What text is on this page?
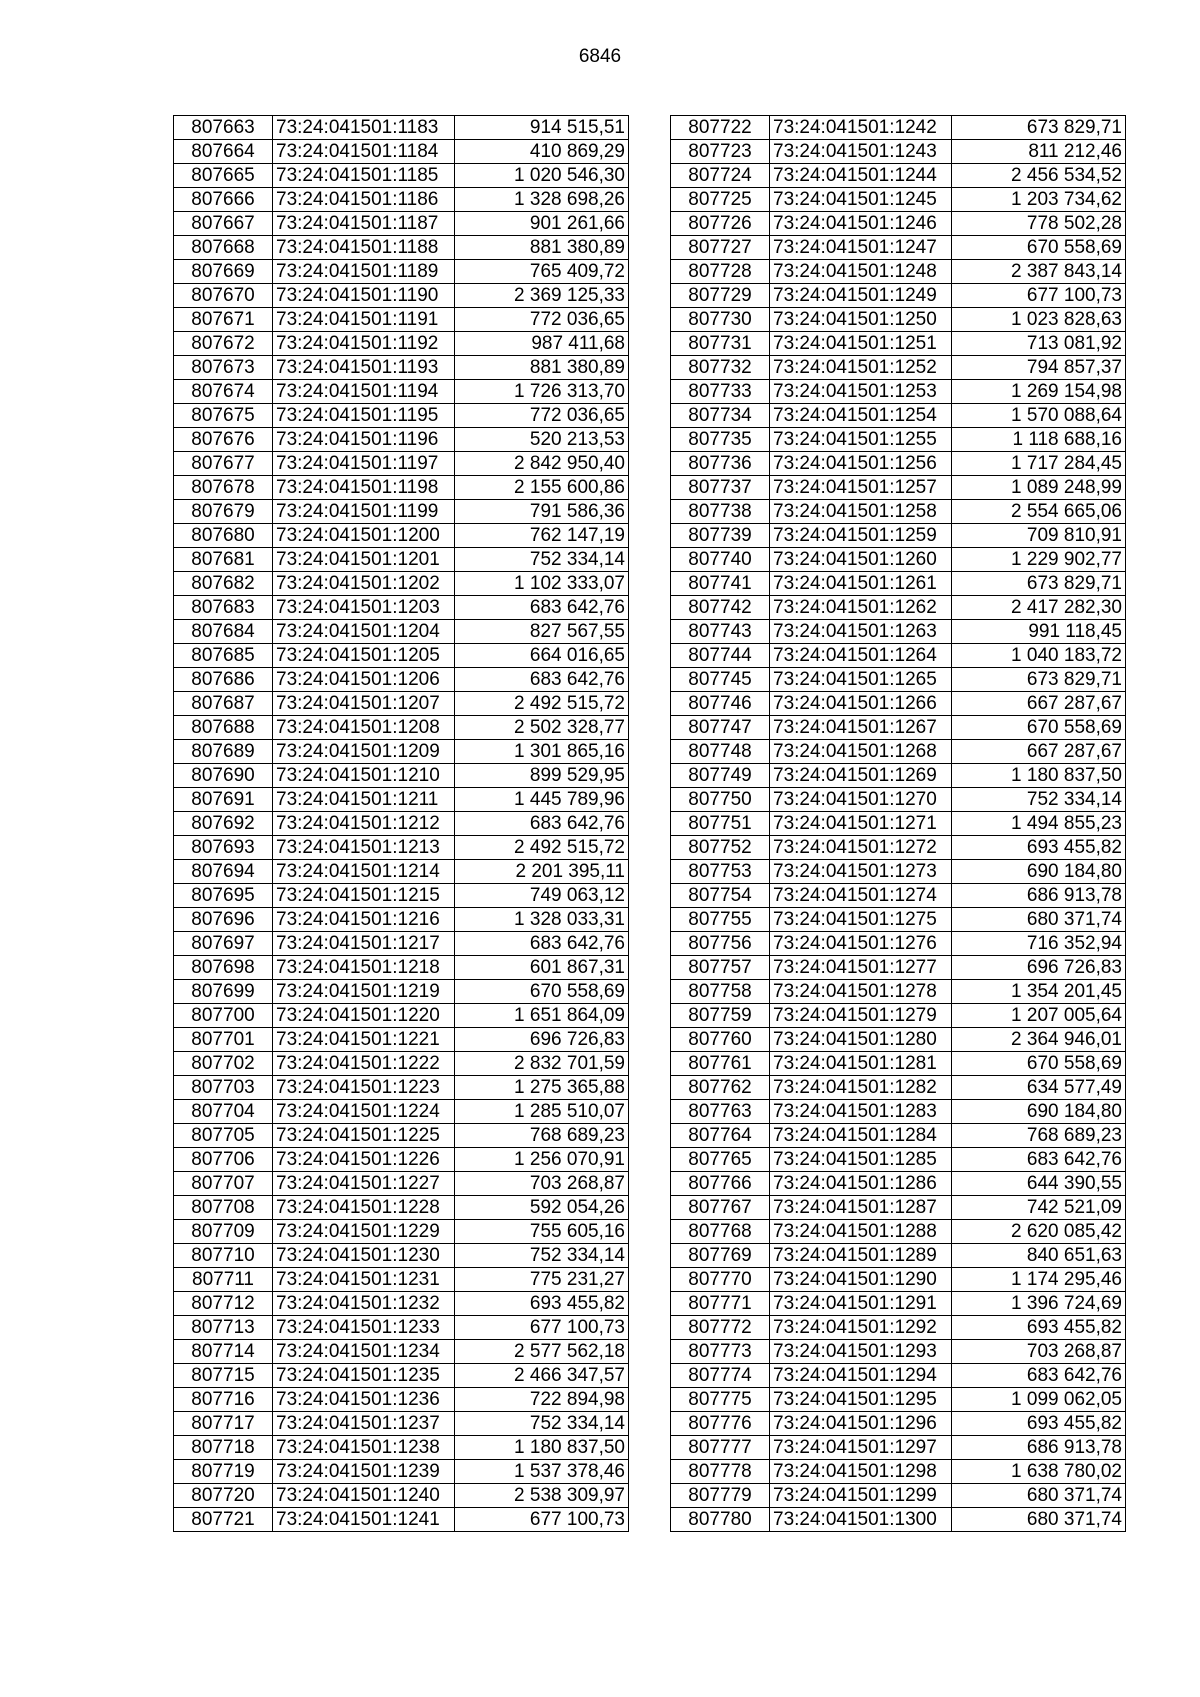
6846
807663	73:24:041501:1183	914 515,51
807664	73:24:041501:1184	410 869,29
807665	73:24:041501:1185	1 020 546,30
807666	73:24:041501:1186	1 328 698,26
807667	73:24:041501:1187	901 261,66
807668	73:24:041501:1188	881 380,89
807669	73:24:041501:1189	765 409,72
807670	73:24:041501:1190	2 369 125,33
807671	73:24:041501:1191	772 036,65
807672	73:24:041501:1192	987 411,68
807673	73:24:041501:1193	881 380,89
807674	73:24:041501:1194	1 726 313,70
807675	73:24:041501:1195	772 036,65
807676	73:24:041501:1196	520 213,53
807677	73:24:041501:1197	2 842 950,40
807678	73:24:041501:1198	2 155 600,86
807679	73:24:041501:1199	791 586,36
807680	73:24:041501:1200	762 147,19
807681	73:24:041501:1201	752 334,14
807682	73:24:041501:1202	1 102 333,07
807683	73:24:041501:1203	683 642,76
807684	73:24:041501:1204	827 567,55
807685	73:24:041501:1205	664 016,65
807686	73:24:041501:1206	683 642,76
807687	73:24:041501:1207	2 492 515,72
807688	73:24:041501:1208	2 502 328,77
807689	73:24:041501:1209	1 301 865,16
807690	73:24:041501:1210	899 529,95
807691	73:24:041501:1211	1 445 789,96
807692	73:24:041501:1212	683 642,76
807693	73:24:041501:1213	2 492 515,72
807694	73:24:041501:1214	2 201 395,11
807695	73:24:041501:1215	749 063,12
807696	73:24:041501:1216	1 328 033,31
807697	73:24:041501:1217	683 642,76
807698	73:24:041501:1218	601 867,31
807699	73:24:041501:1219	670 558,69
807700	73:24:041501:1220	1 651 864,09
807701	73:24:041501:1221	696 726,83
807702	73:24:041501:1222	2 832 701,59
807703	73:24:041501:1223	1 275 365,88
807704	73:24:041501:1224	1 285 510,07
807705	73:24:041501:1225	768 689,23
807706	73:24:041501:1226	1 256 070,91
807707	73:24:041501:1227	703 268,87
807708	73:24:041501:1228	592 054,26
807709	73:24:041501:1229	755 605,16
807710	73:24:041501:1230	752 334,14
807711	73:24:041501:1231	775 231,27
807712	73:24:041501:1232	693 455,82
807713	73:24:041501:1233	677 100,73
807714	73:24:041501:1234	2 577 562,18
807715	73:24:041501:1235	2 466 347,57
807716	73:24:041501:1236	722 894,98
807717	73:24:041501:1237	752 334,14
807718	73:24:041501:1238	1 180 837,50
807719	73:24:041501:1239	1 537 378,46
807720	73:24:041501:1240	2 538 309,97
807721	73:24:041501:1241	677 100,73
807722	73:24:041501:1242	673 829,71
807723	73:24:041501:1243	811 212,46
807724	73:24:041501:1244	2 456 534,52
807725	73:24:041501:1245	1 203 734,62
807726	73:24:041501:1246	778 502,28
807727	73:24:041501:1247	670 558,69
807728	73:24:041501:1248	2 387 843,14
807729	73:24:041501:1249	677 100,73
807730	73:24:041501:1250	1 023 828,63
807731	73:24:041501:1251	713 081,92
807732	73:24:041501:1252	794 857,37
807733	73:24:041501:1253	1 269 154,98
807734	73:24:041501:1254	1 570 088,64
807735	73:24:041501:1255	1 118 688,16
807736	73:24:041501:1256	1 717 284,45
807737	73:24:041501:1257	1 089 248,99
807738	73:24:041501:1258	2 554 665,06
807739	73:24:041501:1259	709 810,91
807740	73:24:041501:1260	1 229 902,77
807741	73:24:041501:1261	673 829,71
807742	73:24:041501:1262	2 417 282,30
807743	73:24:041501:1263	991 118,45
807744	73:24:041501:1264	1 040 183,72
807745	73:24:041501:1265	673 829,71
807746	73:24:041501:1266	667 287,67
807747	73:24:041501:1267	670 558,69
807748	73:24:041501:1268	667 287,67
807749	73:24:041501:1269	1 180 837,50
807750	73:24:041501:1270	752 334,14
807751	73:24:041501:1271	1 494 855,23
807752	73:24:041501:1272	693 455,82
807753	73:24:041501:1273	690 184,80
807754	73:24:041501:1274	686 913,78
807755	73:24:041501:1275	680 371,74
807756	73:24:041501:1276	716 352,94
807757	73:24:041501:1277	696 726,83
807758	73:24:041501:1278	1 354 201,45
807759	73:24:041501:1279	1 207 005,64
807760	73:24:041501:1280	2 364 946,01
807761	73:24:041501:1281	670 558,69
807762	73:24:041501:1282	634 577,49
807763	73:24:041501:1283	690 184,80
807764	73:24:041501:1284	768 689,23
807765	73:24:041501:1285	683 642,76
807766	73:24:041501:1286	644 390,55
807767	73:24:041501:1287	742 521,09
807768	73:24:041501:1288	2 620 085,42
807769	73:24:041501:1289	840 651,63
807770	73:24:041501:1290	1 174 295,46
807771	73:24:041501:1291	1 396 724,69
807772	73:24:041501:1292	693 455,82
807773	73:24:041501:1293	703 268,87
807774	73:24:041501:1294	683 642,76
807775	73:24:041501:1295	1 099 062,05
807776	73:24:041501:1296	693 455,82
807777	73:24:041501:1297	686 913,78
807778	73:24:041501:1298	1 638 780,02
807779	73:24:041501:1299	680 371,74
807780	73:24:041501:1300	680 371,74
